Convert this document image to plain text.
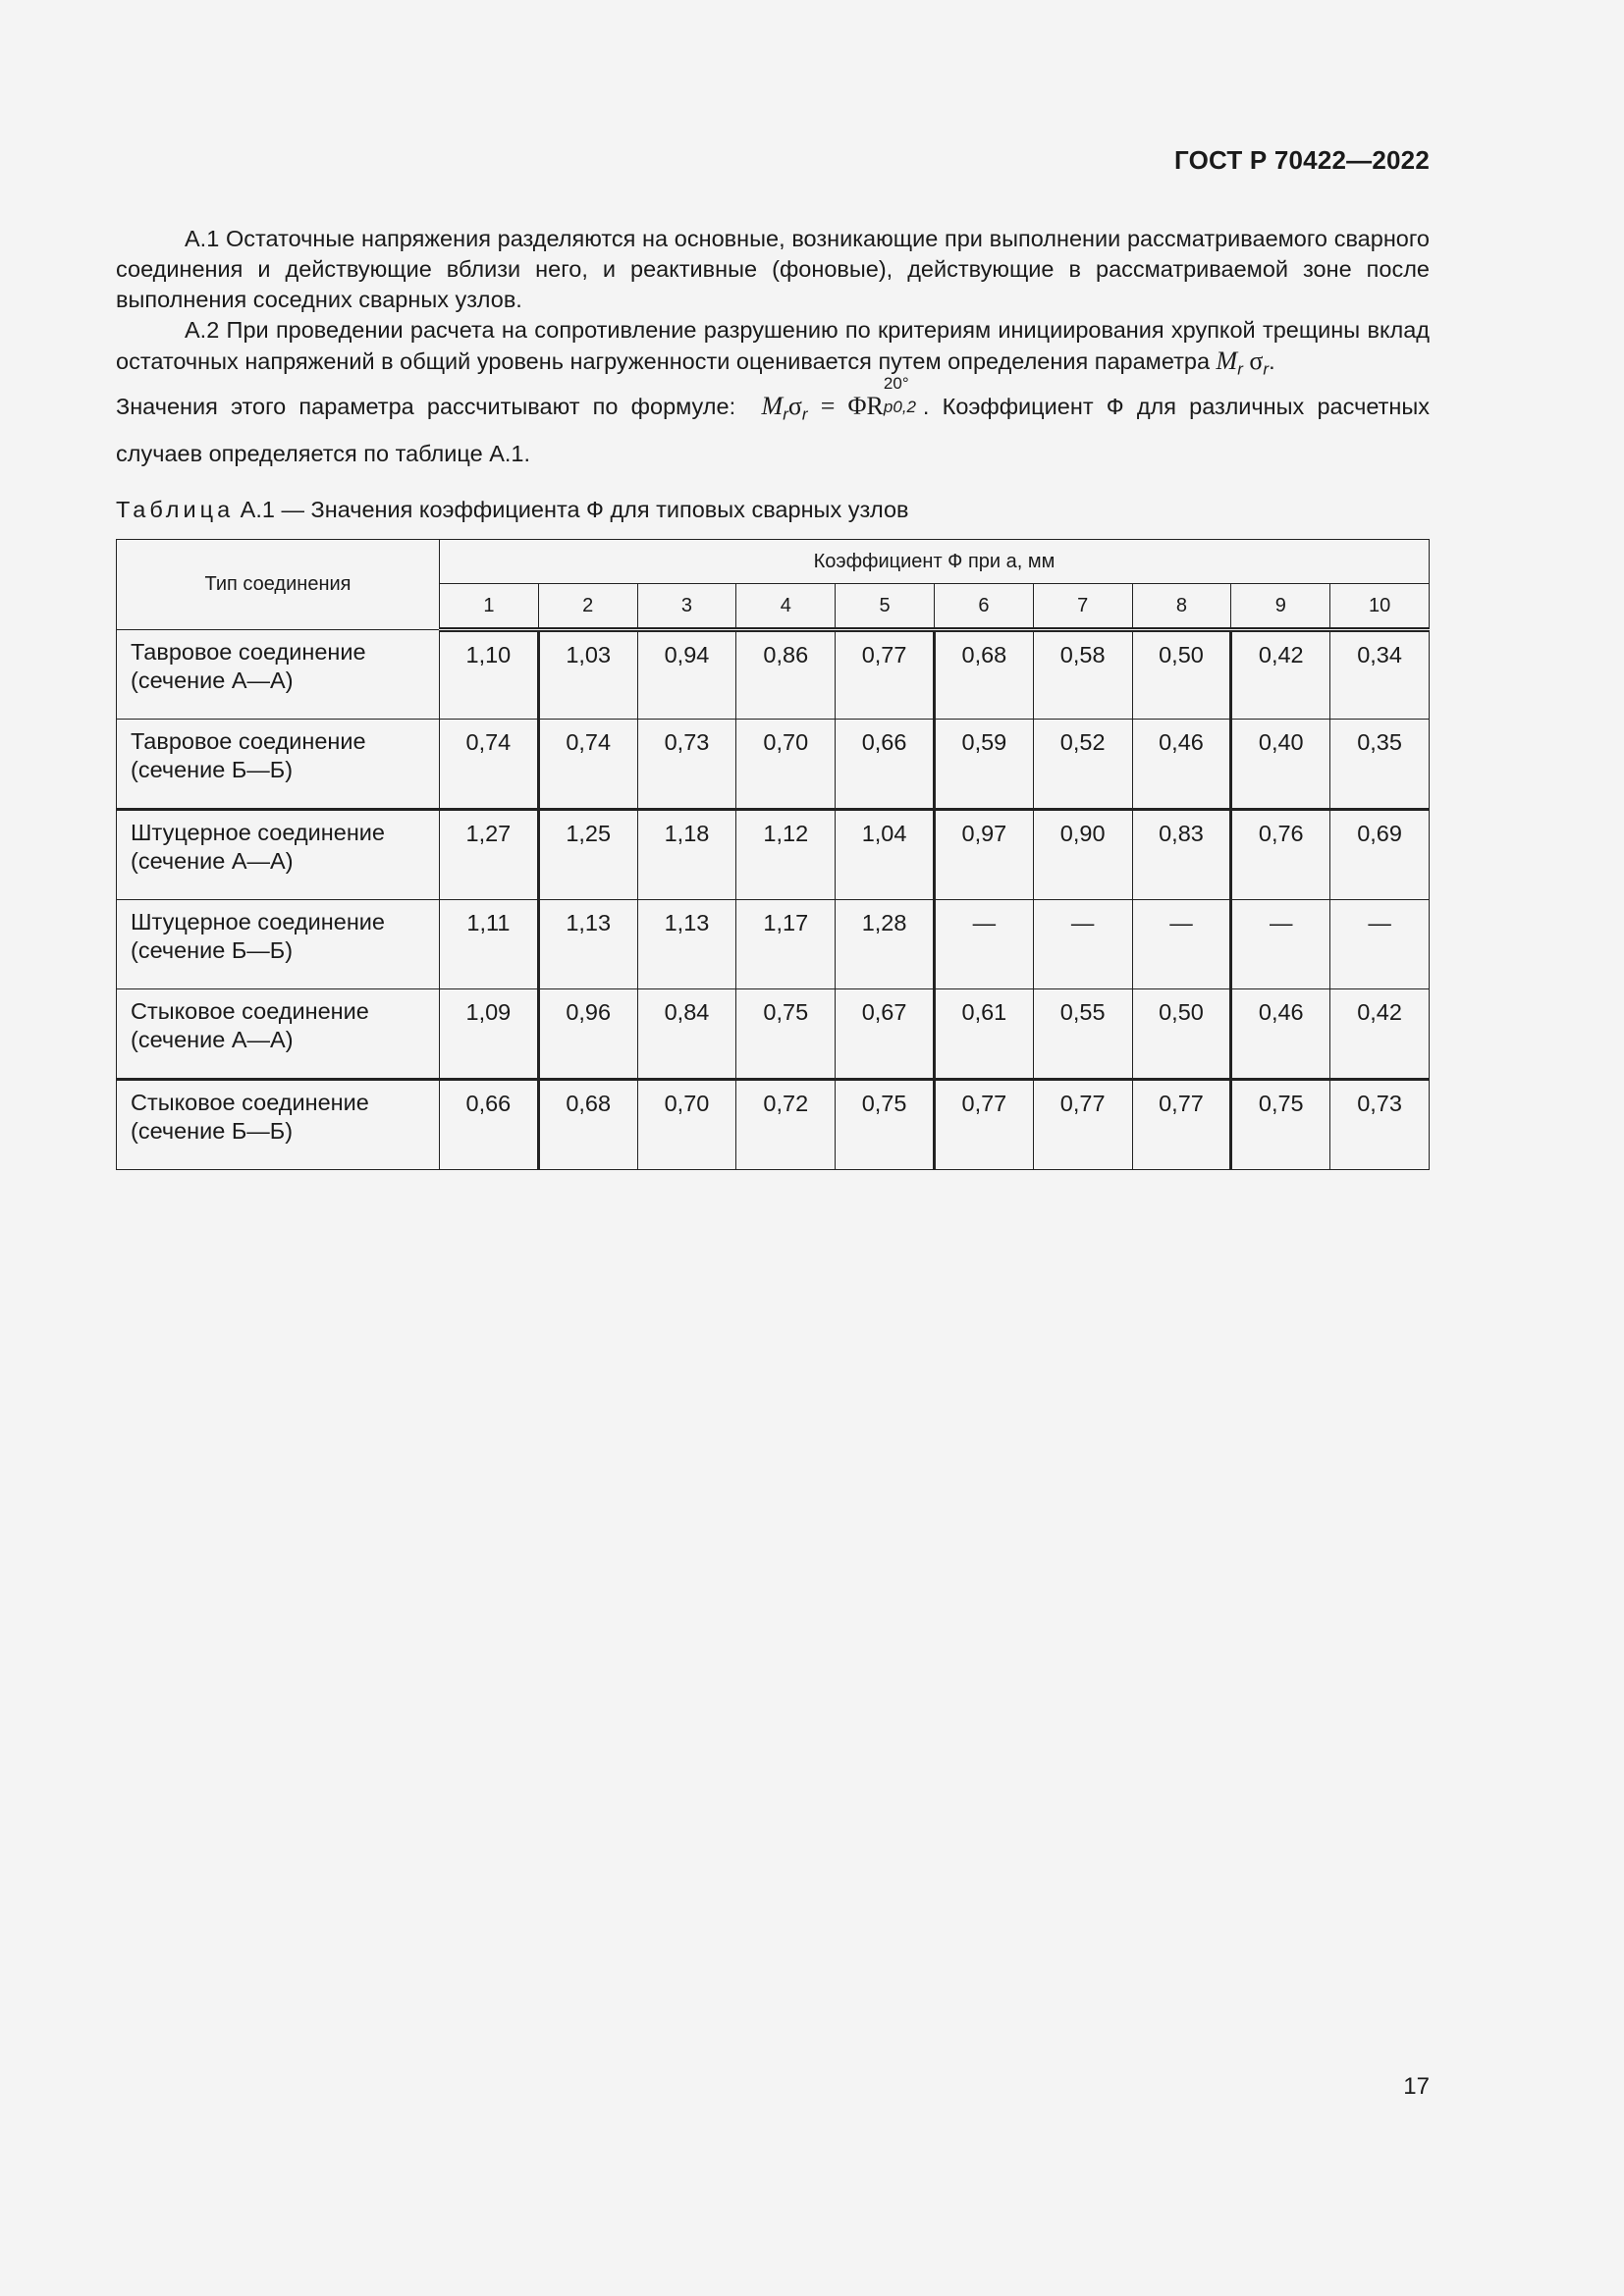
ГОСТ Р 70422—2022

А.1 Остаточные напряжения разделяются на основные, возникающие при выполнении рассматриваемого сварного соединения и действующие вблизи него, и реактивные (фоновые), действующие в рассматриваемой зоне после выполнения соседних сварных узлов.

А.2 При проведении расчета на сопротивление разрушению по критериям инициирования хрупкой трещины вклад остаточных напряжений в общий уровень нагруженности оценивается путем определения параметра $M_r$ $\sigma_r$.

Значения этого параметра рассчитывают по формуле: $M_r\sigma_r = \Phi R$
20°
p0,2 . Коэффициент Ф для различных расчетных случаев определяется по таблице А.1.

Таблица А.1 — Значения коэффициента Ф для типовых сварных узлов
Тип соединения	Коэффициент Ф при a, мм									
	1	2	3	4	5	6	7	8	9	10

Тавровое соединение
(сечение А—А)	1,10	1,03	0,94	0,86	0,77	0,68	0,58	0,50	0,42	0,34

Тавровое соединение
(сечение Б—Б)	0,74	0,74	0,73	0,70	0,66	0,59	0,52	0,46	0,40	0,35

Штуцерное соединение
(сечение А—А)	1,27	1,25	1,18	1,12	1,04	0,97	0,90	0,83	0,76	0,69

Штуцерное соединение
(сечение Б—Б)	1,11	1,13	1,13	1,17	1,28	—	—	—	—	—

Стыковое соединение
(сечение А—А)	1,09	0,96	0,84	0,75	0,67	0,61	0,55	0,50	0,46	0,42

Стыковое соединение
(сечение Б—Б)	0,66	0,68	0,70	0,72	0,75	0,77	0,77	0,77	0,75	0,73
17
